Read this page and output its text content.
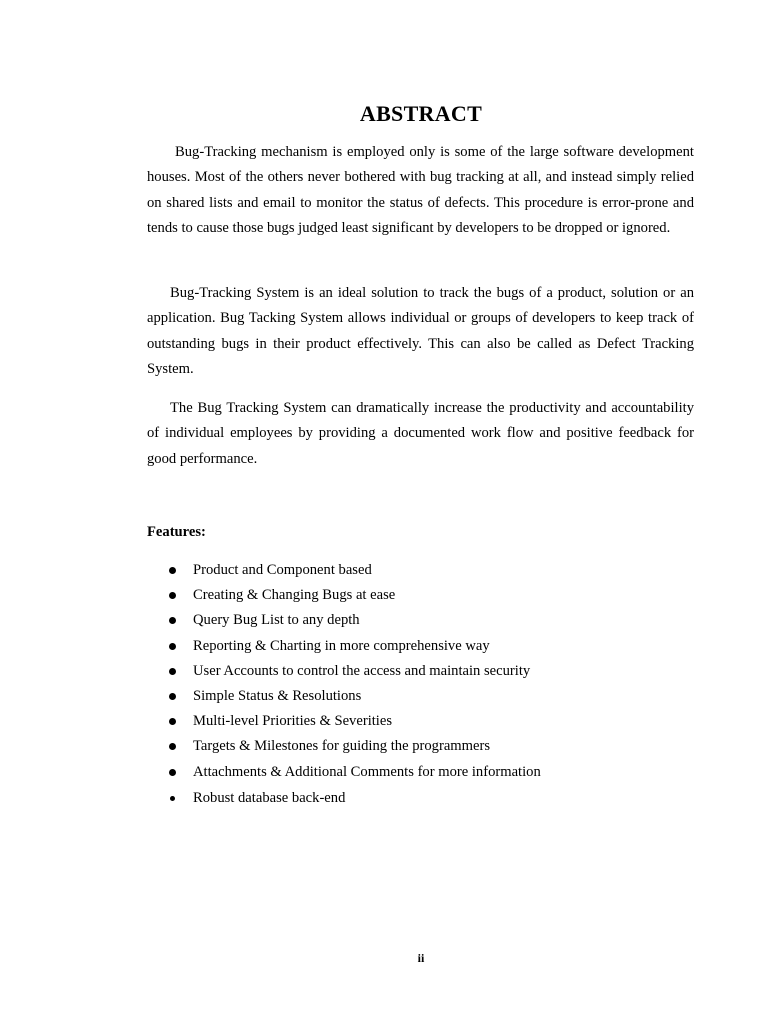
ABSTRACT

Bug-Tracking mechanism is employed only is some of the large software development houses. Most of the others never bothered with bug tracking at all, and instead simply relied on shared lists and email to monitor the status of defects. This procedure is error-prone and tends to cause those bugs judged least significant by developers to be dropped or ignored.

Bug-Tracking System is an ideal solution to track the bugs of a product, solution or an application. Bug Tacking System allows individual or groups of developers to keep track of outstanding bugs in their product effectively. This can also be called as Defect Tracking System.

The Bug Tracking System can dramatically increase the productivity and accountability of individual employees by providing a documented work flow and positive feedback for good performance.

Features:
Product and Component based
Creating & Changing Bugs at ease
Query Bug List to any depth
Reporting & Charting in more comprehensive way
User Accounts to control the access and maintain security
Simple Status & Resolutions
Multi-level Priorities & Severities
Targets & Milestones for guiding the programmers
Attachments & Additional Comments for more information
Robust database back-end
ii
